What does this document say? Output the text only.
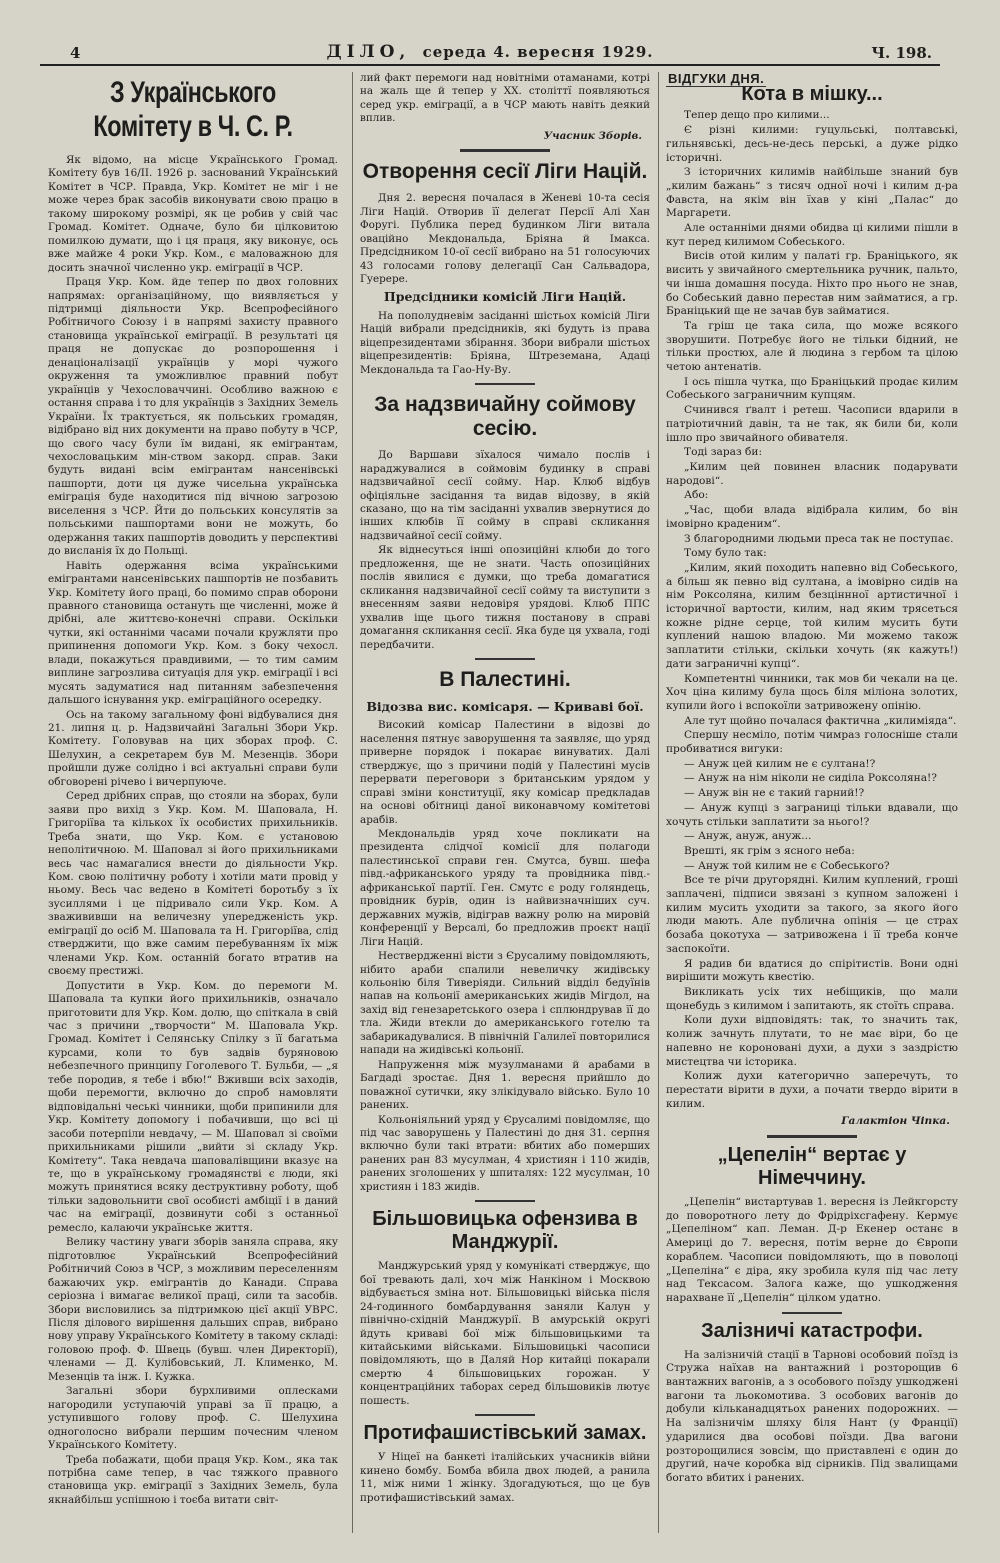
4	ДІЛО, середа 4. вересня 1929.	Ч. 198.
З Українського Комітету в Ч. С. Р.

Як відомо, на місце Українського Громад. Комітету був 16/II. 1926 р. заснований Український Комітет в ЧСР. Правда, Укр. Комітет не міг і не може через брак засобів виконувати свою працю в такому широкому розмірі, як це робив у свій час Громад. Комітет. Одначе, було би цілковитою помилкою думати, що і ця праця, яку виконує, ось вже майже 4 роки Укр. Ком., є маловажною для досить значної численно укр. еміграції в ЧСР.

Праця Укр. Ком. йде тепер по двох головних напрямах: організаційному, що виявляється у підтримці діяльности Укр. Всепрофесійного Робітничого Союзу і в напрямі захисту правного становища української еміграції. В результаті ця праця не допускає до розпорошення і денаціоналізації українців у морі чужого окруження та уможливлює правний побут українців у Чехословаччині. Особливо важною є остання справа і то для українців з Західних Земель України. Їх трактується, як польських громадян, відібрано від них документи на право побуту в ЧСР, що свого часу були їм видані, як емігрантам, чехословацьким мін-ством закорд. справ. Заки будуть видані всім емігрантам нансенівські пашпорти, доти ця дуже чисельна українська еміграція буде находитися під вічною загрозою виселення з ЧСР. Йти до польських консулятів за польськими пашпортами вони не можуть, бо одержання таких пашпортів доводить у перспективі до висланія їх до Польщі.

Навіть одержання всіма українськими емігрантами нансенівських пашпортів не позбавить Укр. Комітету його праці, бо помимо справ оборони правного становища остануть ще численні, може й дрібні, але життєво-конечні справи. Оскільки чутки, які останніми часами почали кружляти про припинення допомоги Укр. Ком. з боку чехосл. влади, покажуться правдивими, — то тим самим виплине загрозлива ситуація для укр. еміграції і всі мусять задуматися над питанням забезпечення дальшого існування укр. еміграційного осередку.

Ось на такому загальному фоні відбувалися дня 21. липня ц. р. Надзвичайні Загальні Збори Укр. Комітету. Головував на цих зборах проф. С. Шелухин, а секретарем був М. Мезенців. Збори пройшли дуже солідно і всі актуальні справи були обговорені річево і вичерпуюче.

Серед дрібних справ, що стояли на зборах, були заяви про вихід з Укр. Ком. М. Шаповала, Н. Григоріїва та кількох їх особистих прихильників. Треба знати, що Укр. Ком. є установою неполітичною. М. Шаповал зі його прихильниками весь час намагалися внести до діяльности Укр. Ком. свою політичну роботу і хотіли мати провід у ньому. Весь час ведено в Комітеті боротьбу з їх зусиллями і це підривало сили Укр. Ком. А зважививши на величезну упередженість укр. еміграції до осіб М. Шаповала та Н. Григоріїва, слід стверджити, що вже самим перебуванням їх між членами Укр. Ком. останній богато втратив на своєму престижі.

Допустити в Укр. Ком. до перемоги М. Шаповала та купки його прихильників, означало приготовити для Укр. Ком. долю, що спіткала в свій час з причини „творчости“ М. Шаповала Укр. Громад. Комітет і Селянську Спілку з її багатьма курсами, коли то був задвів буряновою небезпечного принципу Гоголевого Т. Бульби, — „я тебе породив, я тебе і вбю!“ Вживши всіх заходів, щоби перемогти, включно до спроб намовляти відповідальні чеські чинники, щоби припинили для Укр. Комітету допомогу і побачивши, що всі ці засоби потерпіли невдачу, — М. Шаповал зі своїми прихильниками рішили „вийти зі складу Укр. Комітету“. Така невдача шаповалівщини вказує на те, що в українському громадянстві є люди, які можуть принятися всяку деструктивну роботу, щоб тільки задовольнити свої особисті амбіції і в даний час на еміграції, дозвинути собі з останньої ремесло, калаючи українське життя.

Велику частину уваги зборів заняла справа, яку підготовлює Український Всепрофесійний Робітничий Союз в ЧСР, з можливим переселенням бажаючих укр. емігрантів до Канади. Справа серіозна і вимагає великої праці, сили та засобів. Збори висловились за підтримкою цієї акції УВРС. Після ділового вирішення дальших справ, вибрано нову управу Українського Комітету в такому складі: головою проф. Ф. Швець (бувш. член Директорії), членами — Д. Кулібовський, Л. Клименко, М. Мезенців та інж. І. Кужка.

Загальні збори бурхливими оплесками нагородили уступаючій управі за її працю, а уступившого голову проф. С. Шелухина одноголосно вибрали першим почесним членом Українського Комітету.

Треба побажати, щоби праця Укр. Ком., яка так потрібна саме тепер, в час тяжкого правного становища укр. еміграції з Західних Земель, була якнайбільш успішною і тоєба витати світ-

лий факт перемоги над новітніми отаманами, котрі на жаль ще й тепер у XX. століттї появляються серед укр. еміграції, а в ЧСР мають навіть деякий вплив.

Учасник Зборів.

Отворення сесії Ліги Націй.

Дня 2. вересня почалася в Женеві 10-та сесія Ліги Націй. Отворив її делегат Персії Алі Хан Форугі. Публика перед будинком Ліги витала оваційно Мекдональда, Бріяна й Імакса. Предсідником 10-ої сесії вибрано на 51 голосуючих 43 голосами голову делегації Сан Сальвадора, Гуерере.

Предсідники комісій Ліги Націй.

На пополудневім засіданні шістьох комісій Ліги Націй вибрали предсідників, які будуть із права віцепрезидентами збірання. Збори вибрали шістьох віцепрезидентів: Бріяна, Штреземана, Адаці Мекдональда та Гао-Ну-Ву.

За надзвичайну соймову сесію.

До Варшави зїхалося чимало послів і нараджувалися в соймовім будинку в справі надзвичайної сесії сойму. Нар. Клюб відбув офіціяльне засідання та видав відозву, в якій сказано, що на тім засіданні ухвалив звернутися до інших клюбів її сойму в справі скликання надзвичайної сесії сойму.

Як віднесуться інші опозиційні клюби до того предложення, ще не знати. Часть опозиційних послів явилися є думки, що треба домагатися скликання надзвичайної сесії сойму та виступити з внесенням заяви недовіря урядові. Клюб ППС ухвалив іще цього тижня постанову в справі домагання скликання сесії. Яка буде ця ухвала, годі передбачити.

В Палестині.

Відозва вис. комісаря. — Криваві бої.

Високий комісар Палестини в відозві до населення пятнує заворушення та заявляє, що уряд приверне порядок і покарає винуватих. Далі стверджує, що з причини подій у Палестині мусів перервати переговори з британським урядом у справі зміни конституції, яку комісар предкладав на основі обітниці даної виконавчому комітетові арабів.

Мекдональдів уряд хоче покликати на президента слідчої комісії для полагоди палестинської справи ген. Смутса, бувш. шефа півд.-африканського уряду та провідника півд.-африканської партії. Ген. Смутс є роду голяндець, провідник бурів, один із найвизначніших суч. державних мужів, відіграв важну ролю на мировій конференції у Версалі, бо предложив проєкт нації Ліги Націй.

Нествердженні вісти з Єрусалиму повідомляють, нібито араби спалили невеличку жидівську кольонію біля Тиверіяди. Сильний відділ бедуїнів напав на кольонії американських жидів Мігдол, на захід від генезаретського озера і сплюндрував її до тла. Жиди втекли до американського готелю та забарикадувалися. В північній Галилеї повторилися напади на жидівські кольонії.

Напруження між музулманами й арабами в Багдаді зростає. Дня 1. вересня прийшло до поважної сутички, яку злікідувало військо. Було 10 ранених.

Кольоніяльний уряд у Єрусалимі повідомляє, що під час заворушень у Палестині до дня 31. серпня включно були такі втрати: вбитих або померших ранених ран 83 мусулман, 4 християн і 110 жидів, ранених зголошених у шпиталях: 122 мусулман, 10 християн і 183 жидів.

Більшовицька офензива в Манджурії.

Манджурський уряд у комунікаті стверджує, що бої тревають далі, хоч між Нанкіном і Москвою відбувається зміна нот. Більшовицькі війська після 24-годинного бомбардування заняли Калун у північно-східній Манджурії. В амурській округі йдуть криваві бої між більшовицькими та китайськими військами. Більшовицькі часописи повідомляють, що в Даляй Нор китайці покарали смертю 4 більшовицьких горожан. У концентраційних таборах серед більшовиків лютує пошесть.

Протифашистівський замах.

У Ніцеї на банкеті італійських учасників війни кинено бомбу. Бомба вбила двох людей, а ранила 11, між ними 1 жінку. Здогадуються, що це був протифашистівський замах.

ВІДГУКИ ДНЯ.
Кота в мішку...

Тепер дещо про килими...

Є різні килими: гуцульські, полтавські, гильнявські, десь-не-десь перські, а дуже рідко історичні.

З історичних килимів найбільше знаний був „килим бажань“ з тисяч одної ночі і килим д-ра Фавста, на якім він їхав у кіні „Палас“ до Маргарети.

Але останніми днями обидва ці килими пішли в кут перед килимом Собеського.

Висів отой килим у палаті гр. Браніцького, як висить у звичайного смертельника ручник, пальто, чи інша домашня посуда. Ніхто про нього не знав, бо Собеський давно перестав ним займатися, а гр. Браніцький ще не зачав був займатися.

Та гріш це така сила, що може всякого зворушити. Потребує його не тільки бідний, не тільки простюх, але й людина з гербом та цілою четою антенатів.

І ось пішла чутка, що Браніцький продає килим Собеського заграничним купцям.

Счинився ґвалт і ретеш. Часописи вдарили в патріотичний давін, та не так, як били би, коли ішло про звичайного обивателя.

Тоді зараз би:

„Килим цей повинен власник подарувати народові“.

Або:

„Час, щоби влада відібрала килим, бо він імовірно краденим“.

З благородними людьми преса так не поступає.

Тому було так:

„Килим, який походить напевно від Собеського, а більш як певно від султана, а імовірно сидів на нім Роксоляна, килим безціннної артистичної і історичної вартости, килим, над яким трясеться кожне рідне серце, той килим мусить бути куплений нашою владою. Ми можемо також заплатити стільки, скільки хочуть (як кажуть!) дати заграничні купці“.

Компетентні чинники, так мов би чекали на це. Хоч ціна килиму була щось біля міліона золотих, купили його і вспокоїли затривожену опінію.

Але тут щойно почалася фактична „килиміяда“.

Спершу несміло, потім чимраз голосніше стали пробиватися вигуки:

— Ануж цей килим не є султана!?

— Ануж на нім ніколи не сиділа Роксоляна!?

— Ануж він не є такий гарний!?

— Ануж купці з заграниці тільки вдавали, що хочуть стільки заплатити за нього!?

— Ануж, ануж, ануж...

Врешті, як грім з ясного неба:

— Ануж той килим не є Собеського?

Все те річи другорядні. Килим куплений, гроші заплачені, підписи звязані з купном заложені і килим мусить уходити за такого, за якого його люди мають. Але публична опінія — це страх бозаба цокотуха — затривожена і її треба конче заспокоїти.

Я радив би вдатися до спірітистів. Вони одні вирішити можуть квестію.

Викликать усіх тих небіщиків, що мали щонебудь з килимом і запитають, як стоїть справа.

Коли духи відповідять: так, то значить так, колиж зачнуть плутати, то не має віри, бо це напевно не короновані духи, а духи з заздрістю мистецтва чи історика.

Колиж духи категорично заперечуть, то перестати вірити в духи, а почати твердо вірити в килим.

Галактіон Чіпка.

„Цепелін“ вертає у Німеччину.

„Цепелін“ виcтартував 1. вересня із Лейкгорсту до поворотного лету до Фрідріхсгафену. Кермує „Цепеліном“ кап. Леман. Д-р Екенер останє в Америці до 7. вересня, потім верне до Європи кораблем. Часописи повідомляють, що в поволоці „Цепеліна“ є діра, яку зробила куля під час лету над Тексасом. Залога каже, що ушкодження нарахване її „Цепелін“ цілком удатно.

Залізничі катастрофи.

На залізничій стації в Тарнові особовий поїзд із Стружа наїхав на вантажний і розторощив 6 вантажних вагонів, а з особового поїзду ушкоджені вагони та льокомотива. З особових вагонів до добули кільканадцятьох ранених подорожних. — На залізничім шляху біля Нант (у Франції) ударилися два особові поїзди. Два вагони розторощилися зовсім, що приставлені є один до другий, наче коробка від сірників. Під звалищами богато вбитих і ранених.
